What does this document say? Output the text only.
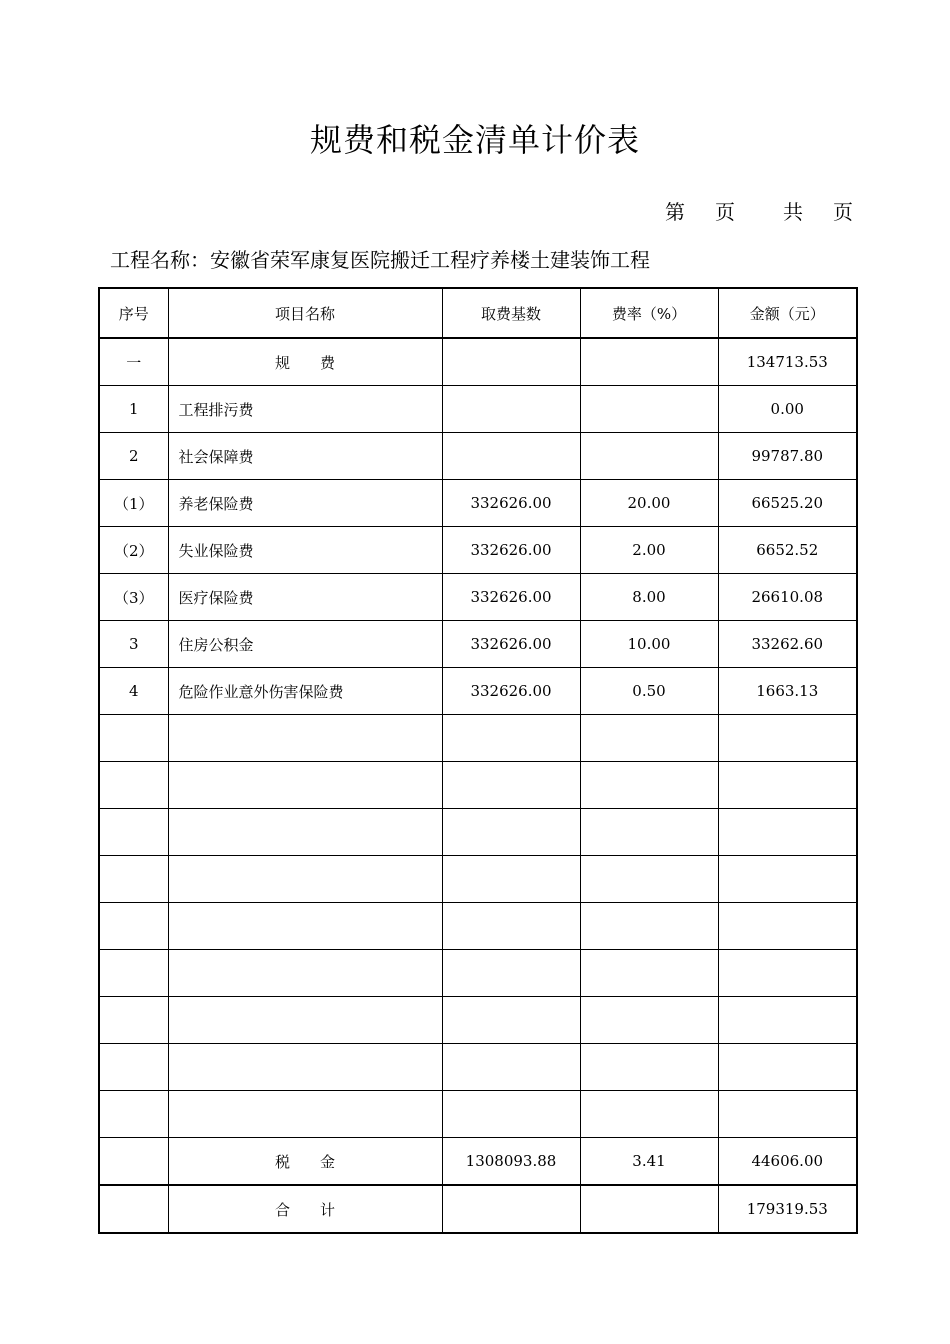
规费和税金清单计价表
第 页 共 页
工程名称：安徽省荣军康复医院搬迁工程疗养楼土建装饰工程
序号	项目名称	取费基数	费率（%）	金额（元）
一	规　　费			134713.53
1	工程排污费			0.00
2	社会保障费			99787.80
（1）	养老保险费	332626.00	20.00	66525.20
（2）	失业保险费	332626.00	2.00	6652.52
（3）	医疗保险费	332626.00	8.00	26610.08
3	住房公积金	332626.00	10.00	33262.60
4	危险作业意外伤害保险费	332626.00	0.50	1663.13

	税　　金	1308093.88	3.41	44606.00
	合　　计			179319.53
